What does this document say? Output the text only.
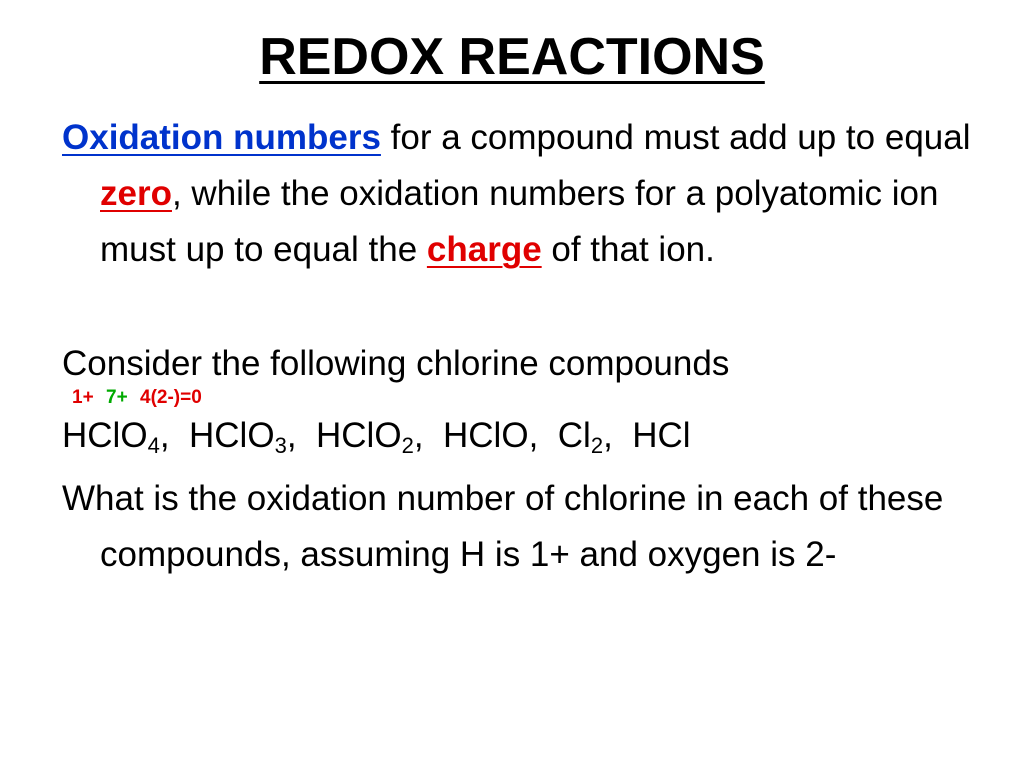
REDOX REACTIONS
Oxidation numbers for a compound must add up to equal zero, while the oxidation numbers for a polyatomic ion must up to equal the charge of that ion.
Consider the following chlorine compounds
1+ 7+ 4(2-)=0
HClO$_4$,  HClO$_3$,  HClO$_2$,  HClO,  $Cl_2$,  HCl
What is the oxidation number of chlorine in each of these compounds, assuming H is 1+ and oxygen is 2-
